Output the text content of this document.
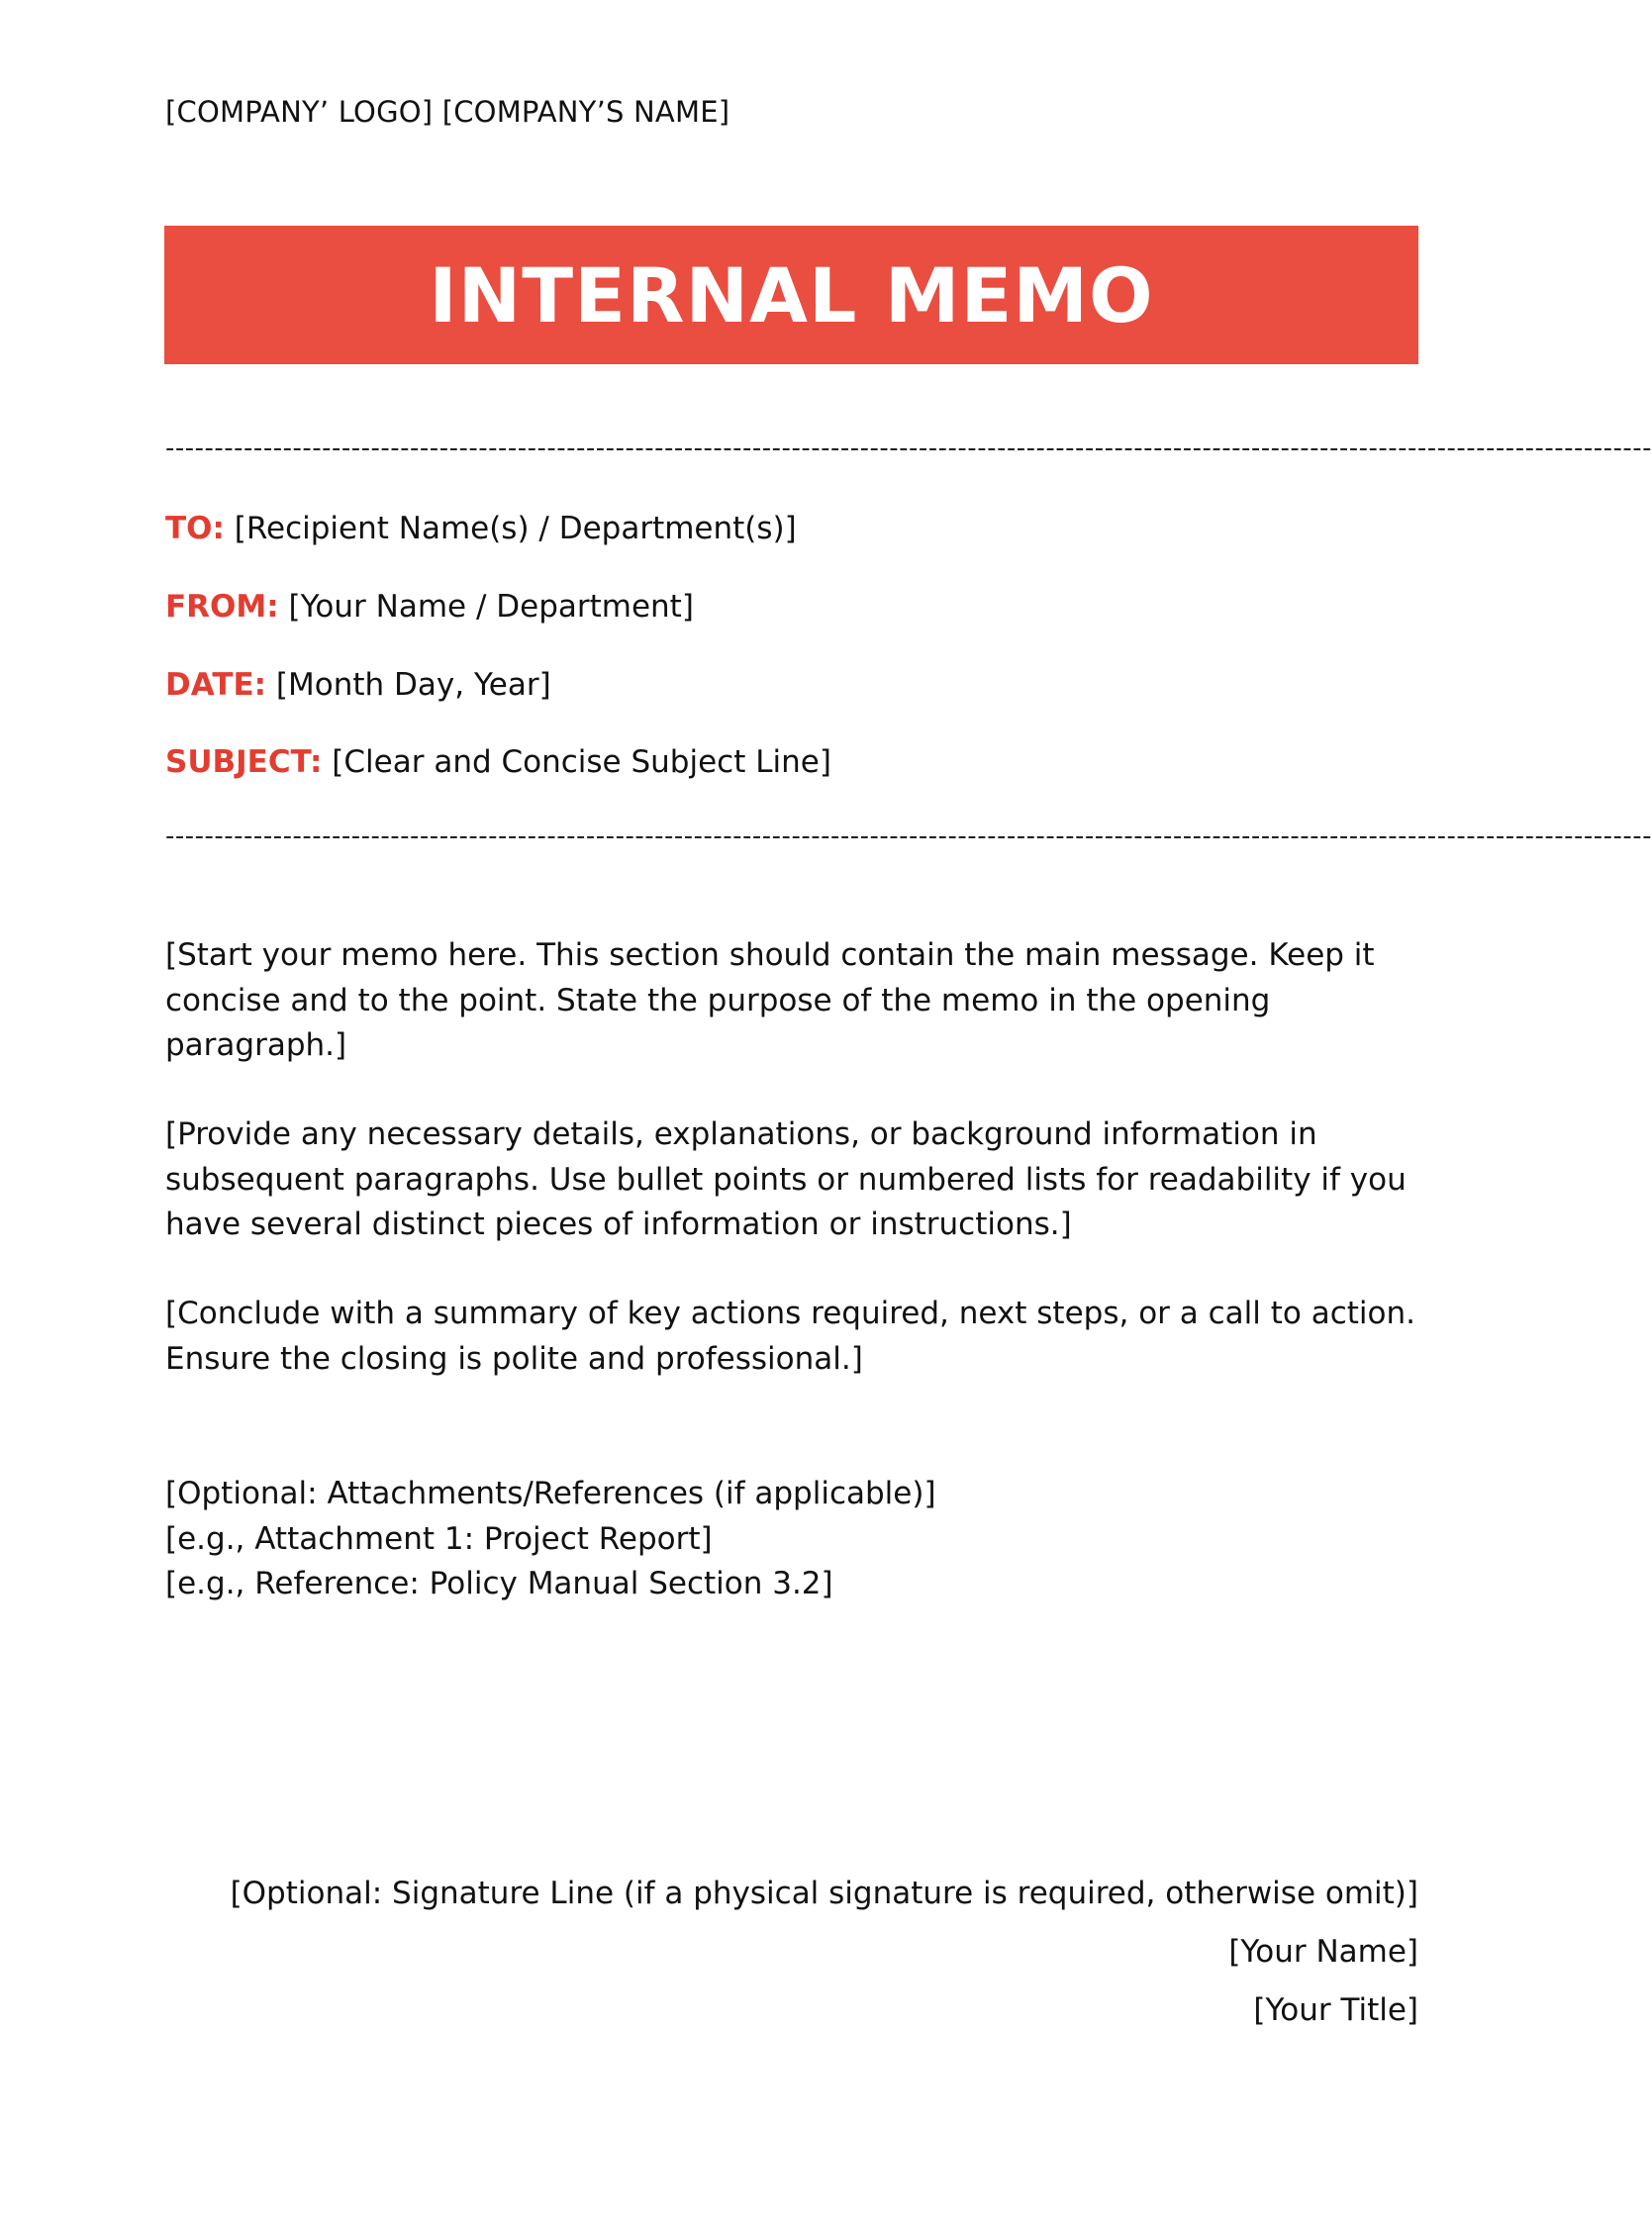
[COMPANY’ LOGO] [COMPANY’S NAME]
INTERNAL MEMO
--------------------------------------------------------------------------------------------------------------------------------------------------------
TO: [Recipient Name(s) / Department(s)]
FROM: [Your Name / Department]
DATE: [Month Day, Year]
SUBJECT: [Clear and Concise Subject Line]
--------------------------------------------------------------------------------------------------------------------------------------------------------

[Start your memo here. This section should contain the main message. Keep it concise and to the point. State the purpose of the memo in the opening paragraph.]

[Provide any necessary details, explanations, or background information in subsequent paragraphs. Use bullet points or numbered lists for readability if you have several distinct pieces of information or instructions.]

[Conclude with a summary of key actions required, next steps, or a call to action. Ensure the closing is polite and professional.]

[Optional: Attachments/References (if applicable)]
[e.g., Attachment 1: Project Report]
[e.g., Reference: Policy Manual Section 3.2]
[Optional: Signature Line (if a physical signature is required, otherwise omit)]
[Your Name]
[Your Title]
